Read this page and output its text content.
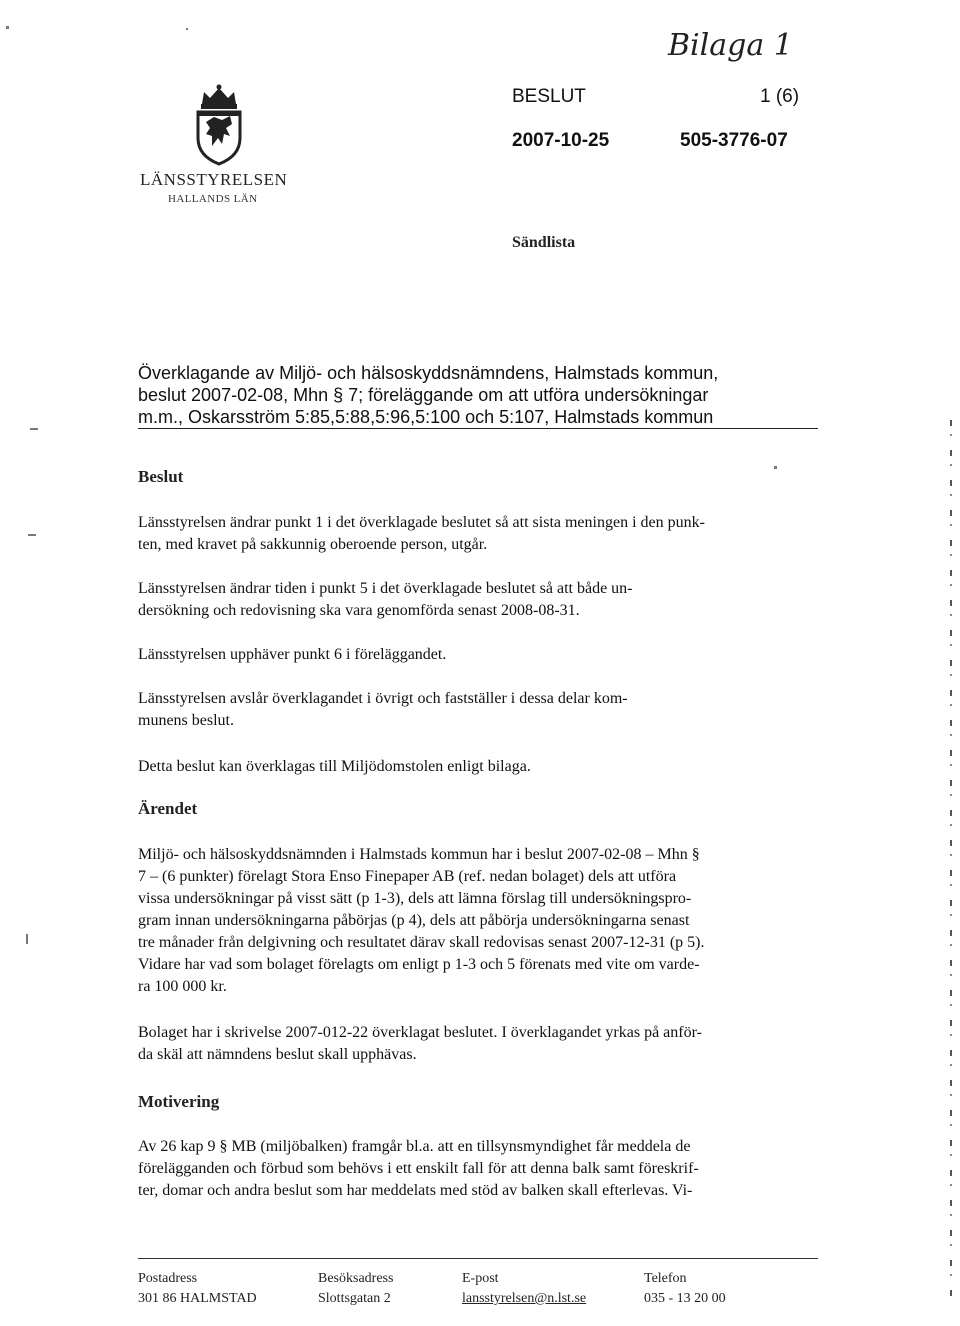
Bilaga 1
LÄNSSTYRELSEN
HALLANDS LÄN
BESLUT	1 (6)
2007-10-25	505-3776-07
Sändlista
Överklagande av Miljö- och hälsoskyddsnämndens, Halmstads kommun,
beslut 2007-02-08, Mhn § 7; föreläggande om att utföra undersökningar
m.m., Oskarsström 5:85,5:88,5:96,5:100 och 5:107, Halmstads kommun
Beslut
Länsstyrelsen ändrar punkt 1 i det överklagade beslutet så att sista meningen i den punk-
ten, med kravet på sakkunnig oberoende person, utgår.
Länsstyrelsen ändrar tiden i punkt 5 i det överklagade beslutet så att både un-
dersökning och redovisning ska vara genomförda senast 2008-08-31.
Länsstyrelsen upphäver punkt 6 i föreläggandet.
Länsstyrelsen avslår överklagandet i övrigt och fastställer i dessa delar kom-
munens beslut.
Detta beslut kan överklagas till Miljödomstolen enligt bilaga.
Ärendet
Miljö- och hälsoskyddsnämnden i Halmstads kommun har i beslut 2007-02-08 – Mhn §
7 – (6 punkter) förelagt Stora Enso Finepaper AB (ref. nedan bolaget) dels att utföra
vissa undersökningar på visst sätt (p 1-3), dels att lämna förslag till undersökningspro-
gram innan undersökningarna påbörjas (p 4), dels att påbörja undersökningarna senast
tre månader från delgivning och resultatet därav skall redovisas senast 2007-12-31 (p 5).
Vidare har vad som bolaget förelagts om enligt p 1-3 och 5 förenats med vite om varde-
ra 100 000 kr.
Bolaget har i skrivelse 2007-012-22 överklagat beslutet. I överklagandet yrkas på anför-
da skäl att nämndens beslut skall upphävas.
Motivering
Av 26 kap 9 § MB (miljöbalken) framgår bl.a. att en tillsynsmyndighet får meddela de
förelägganden och förbud som behövs i ett enskilt fall för att denna balk samt föreskrif-
ter, domar och andra beslut som har meddelats med stöd av balken skall efterlevas. Vi-
Postadress
301 86 HALMSTAD
Besöksadress
Slottsgatan 2
E-post
lansstyrelsen@n.lst.se
Telefon
035 - 13 20 00
